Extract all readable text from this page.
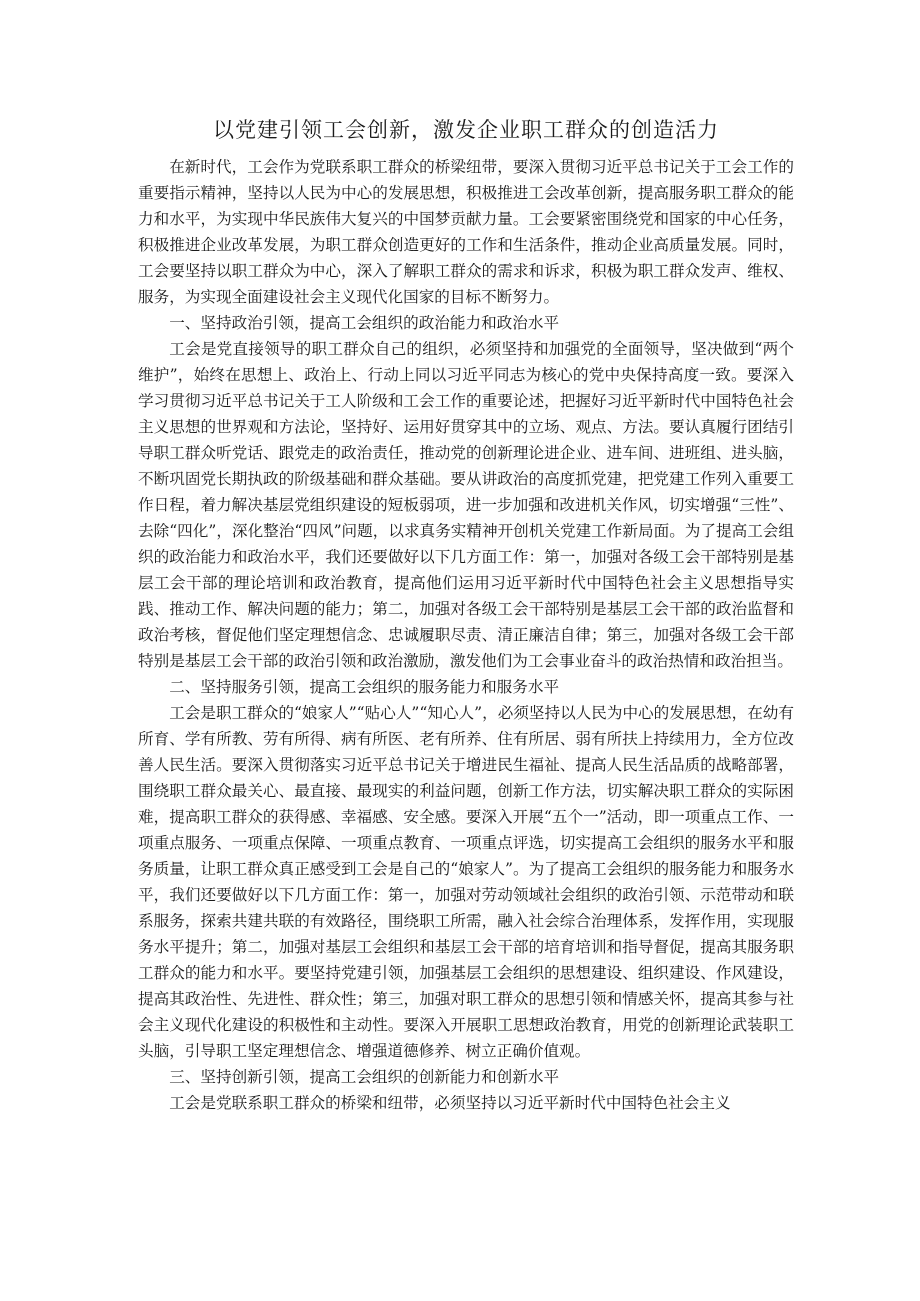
以党建引领工会创新，激发企业职工群众的创造活力

在新时代，工会作为党联系职工群众的桥梁纽带，要深入贯彻习近平总书记关于工会工作的重要指示精神，坚持以人民为中心的发展思想，积极推进工会改革创新，提高服务职工群众的能力和水平，为实现中华民族伟大复兴的中国梦贡献力量。工会要紧密围绕党和国家的中心任务，积极推进企业改革发展，为职工群众创造更好的工作和生活条件，推动企业高质量发展。同时，工会要坚持以职工群众为中心，深入了解职工群众的需求和诉求，积极为职工群众发声、维权、服务，为实现全面建设社会主义现代化国家的目标不断努力。

一、坚持政治引领，提高工会组织的政治能力和政治水平

工会是党直接领导的职工群众自己的组织，必须坚持和加强党的全面领导，坚决做到“两个维护”，始终在思想上、政治上、行动上同以习近平同志为核心的党中央保持高度一致。要深入学习贯彻习近平总书记关于工人阶级和工会工作的重要论述，把握好习近平新时代中国特色社会主义思想的世界观和方法论，坚持好、运用好贯穿其中的立场、观点、方法。要认真履行团结引导职工群众听党话、跟党走的政治责任，推动党的创新理论进企业、进车间、进班组、进头脑，不断巩固党长期执政的阶级基础和群众基础。要从讲政治的高度抓党建，把党建工作列入重要工作日程，着力解决基层党组织建设的短板弱项，进一步加强和改进机关作风，切实增强“三性”、去除“四化”，深化整治“四风”问题，以求真务实精神开创机关党建工作新局面。为了提高工会组织的政治能力和政治水平，我们还要做好以下几方面工作：第一，加强对各级工会干部特别是基层工会干部的理论培训和政治教育，提高他们运用习近平新时代中国特色社会主义思想指导实践、推动工作、解决问题的能力；第二，加强对各级工会干部特别是基层工会干部的政治监督和政治考核，督促他们坚定理想信念、忠诚履职尽责、清正廉洁自律；第三，加强对各级工会干部特别是基层工会干部的政治引领和政治激励，激发他们为工会事业奋斗的政治热情和政治担当。

二、坚持服务引领，提高工会组织的服务能力和服务水平

工会是职工群众的“娘家人”“贴心人”“知心人”，必须坚持以人民为中心的发展思想，在幼有所育、学有所教、劳有所得、病有所医、老有所养、住有所居、弱有所扶上持续用力，全方位改善人民生活。要深入贯彻落实习近平总书记关于增进民生福祉、提高人民生活品质的战略部署，围绕职工群众最关心、最直接、最现实的利益问题，创新工作方法，切实解决职工群众的实际困难，提高职工群众的获得感、幸福感、安全感。要深入开展“五个一”活动，即一项重点工作、一项重点服务、一项重点保障、一项重点教育、一项重点评选，切实提高工会组织的服务水平和服务质量，让职工群众真正感受到工会是自己的“娘家人”。为了提高工会组织的服务能力和服务水平，我们还要做好以下几方面工作：第一，加强对劳动领域社会组织的政治引领、示范带动和联系服务，探索共建共联的有效路径，围绕职工所需，融入社会综合治理体系，发挥作用，实现服务水平提升；第二，加强对基层工会组织和基层工会干部的培育培训和指导督促，提高其服务职工群众的能力和水平。要坚持党建引领，加强基层工会组织的思想建设、组织建设、作风建设，提高其政治性、先进性、群众性；第三，加强对职工群众的思想引领和情感关怀，提高其参与社会主义现代化建设的积极性和主动性。要深入开展职工思想政治教育，用党的创新理论武装职工头脑，引导职工坚定理想信念、增强道德修养、树立正确价值观。

三、坚持创新引领，提高工会组织的创新能力和创新水平

工会是党联系职工群众的桥梁和纽带，必须坚持以习近平新时代中国特色社会主义
